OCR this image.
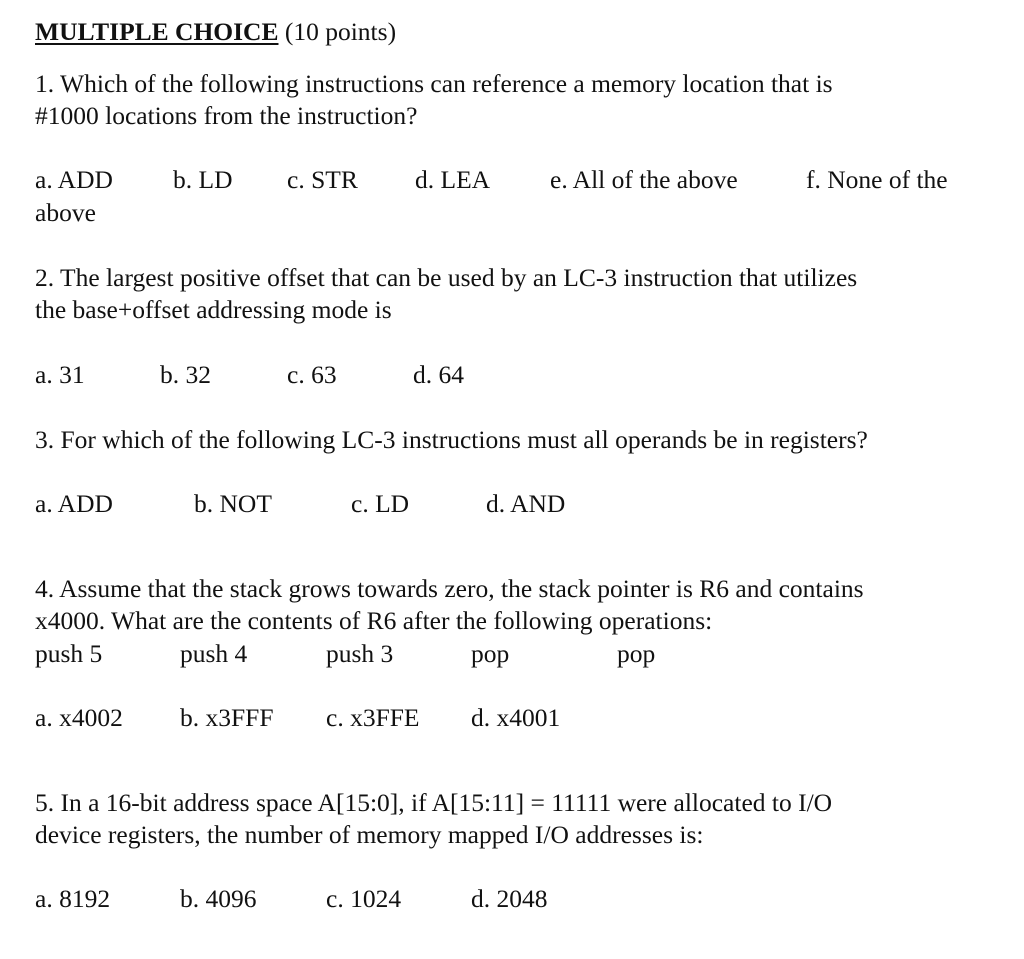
MULTIPLE CHOICE (10 points)
1. Which of the following instructions can reference a memory location that is
#1000 locations from the instruction?
a. ADD b. LD c. STR d. LEA e. All of the above	f. None of the
above
2. The largest positive offset that can be used by an LC-3 instruction that utilizes
the base+offset addressing mode is
a. 31	b. 32	c. 63	d. 64
3. For which of the following LC-3 instructions must all operands be in registers?
a. ADD	b. NOT	c. LD	d. AND
4. Assume that the stack grows towards zero, the stack pointer is R6 and contains
x4000. What are the contents of R6 after the following operations:
push 5	push 4	push 3	pop	pop
a. x4002 b. x3FFF c. x3FFE d. x4001
5. In a 16-bit address space A[15:0], if A[15:11] = 11111 were allocated to I/O
device registers, the number of memory mapped I/O addresses is:
a. 8192	b. 4096	c. 1024	d. 2048
